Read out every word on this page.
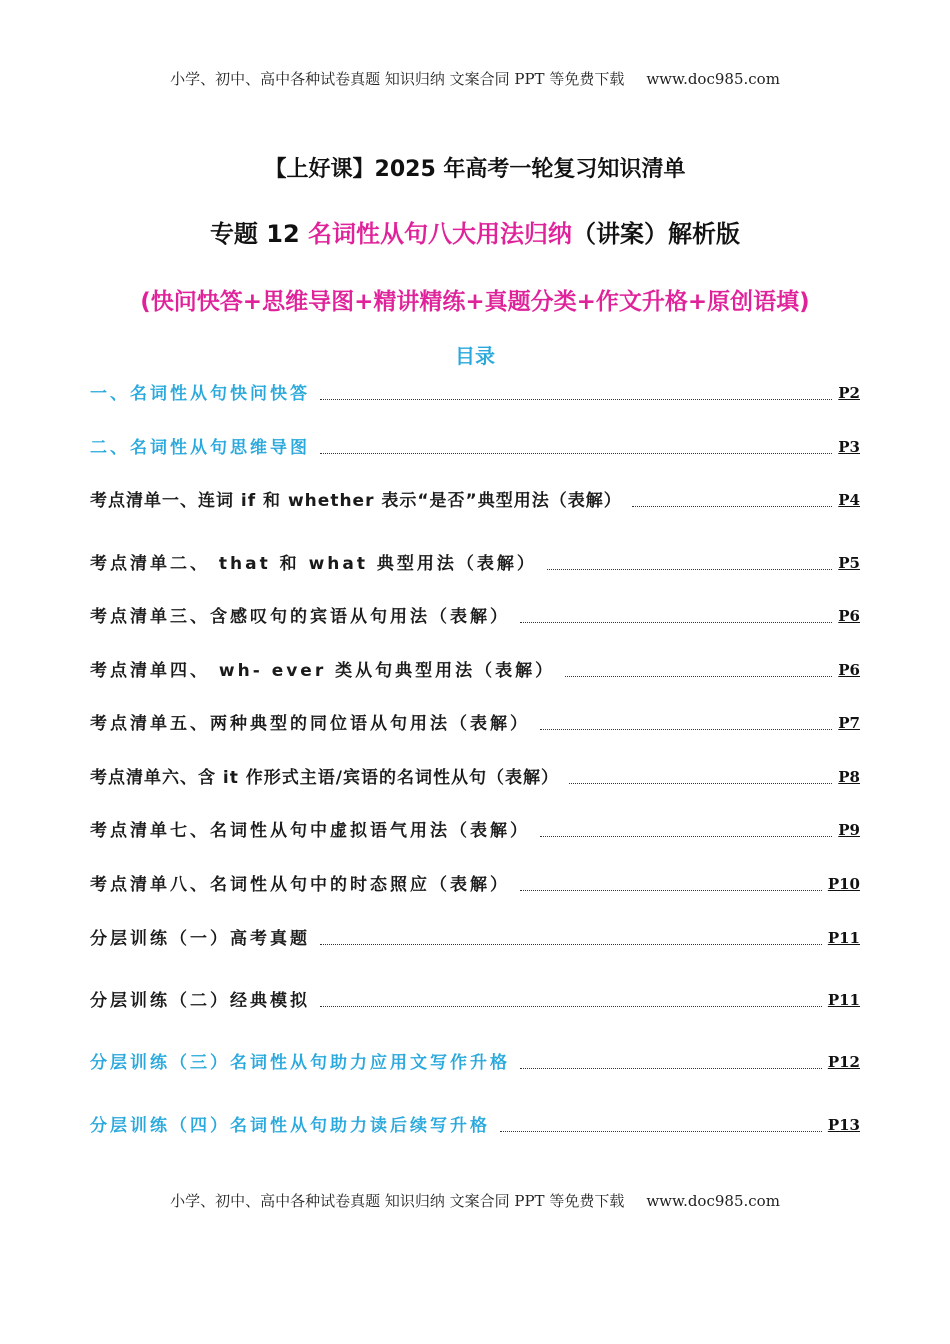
小学、初中、高中各种试卷真题 知识归纳 文案合同 PPT 等免费下载 www.doc985.com
【上好课】2025 年高考一轮复习知识清单
专题 12 名词性从句八大用法归纳（讲案）解析版
(快问快答+思维导图+精讲精练+真题分类+作文升格+原创语填)
目录
一、名词性从句快问快答	P2
二、名词性从句思维导图	P3
考点清单一、连词 if 和 whether 表示“是否”典型用法（表解）	P4
考点清单二、 that 和 what 典型用法（表解）	P5
考点清单三、含感叹句的宾语从句用法（表解）	P6
考点清单四、 wh- ever 类从句典型用法（表解）	P6
考点清单五、两种典型的同位语从句用法（表解）	P7
考点清单六、含 it 作形式主语/宾语的名词性从句（表解）	P8
考点清单七、名词性从句中虚拟语气用法（表解）	P9
考点清单八、名词性从句中的时态照应（表解）	P10
分层训练（一）高考真题	P11
分层训练（二）经典模拟	P11
分层训练（三）名词性从句助力应用文写作升格	P12
分层训练（四）名词性从句助力读后续写升格	P13
小学、初中、高中各种试卷真题 知识归纳 文案合同 PPT 等免费下载 www.doc985.com
